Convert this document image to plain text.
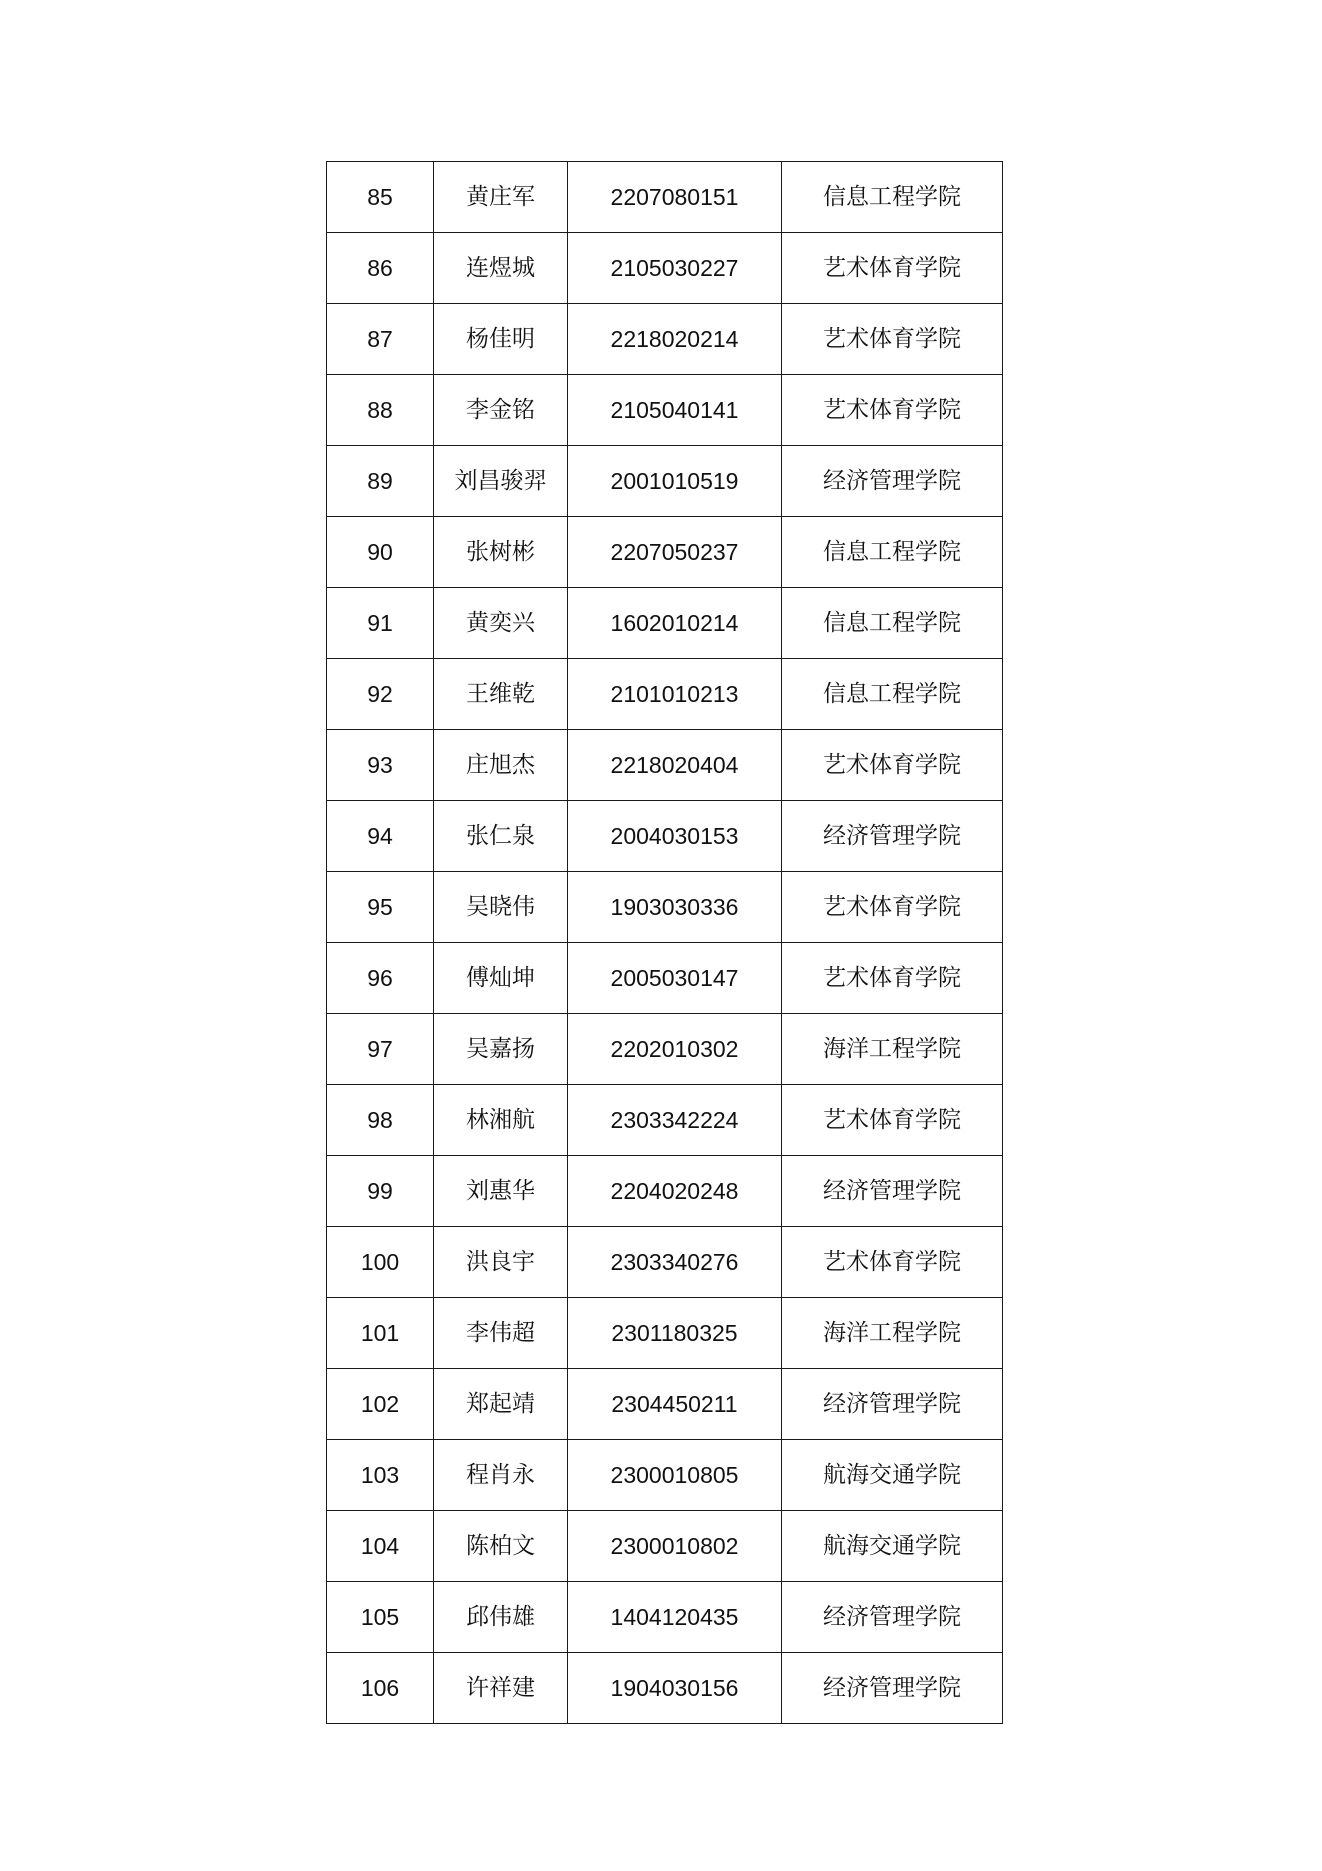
85	黄庄军	2207080151	信息工程学院
86	连煜城	2105030227	艺术体育学院
87	杨佳明	2218020214	艺术体育学院
88	李金铭	2105040141	艺术体育学院
89	刘昌骏羿	2001010519	经济管理学院
90	张树彬	2207050237	信息工程学院
91	黄奕兴	1602010214	信息工程学院
92	王维乾	2101010213	信息工程学院
93	庄旭杰	2218020404	艺术体育学院
94	张仁泉	2004030153	经济管理学院
95	吴晓伟	1903030336	艺术体育学院
96	傅灿坤	2005030147	艺术体育学院
97	吴嘉扬	2202010302	海洋工程学院
98	林湘航	2303342224	艺术体育学院
99	刘惠华	2204020248	经济管理学院
100	洪良宇	2303340276	艺术体育学院
101	李伟超	2301180325	海洋工程学院
102	郑起靖	2304450211	经济管理学院
103	程肖永	2300010805	航海交通学院
104	陈柏文	2300010802	航海交通学院
105	邱伟雄	1404120435	经济管理学院
106	许祥建	1904030156	经济管理学院
